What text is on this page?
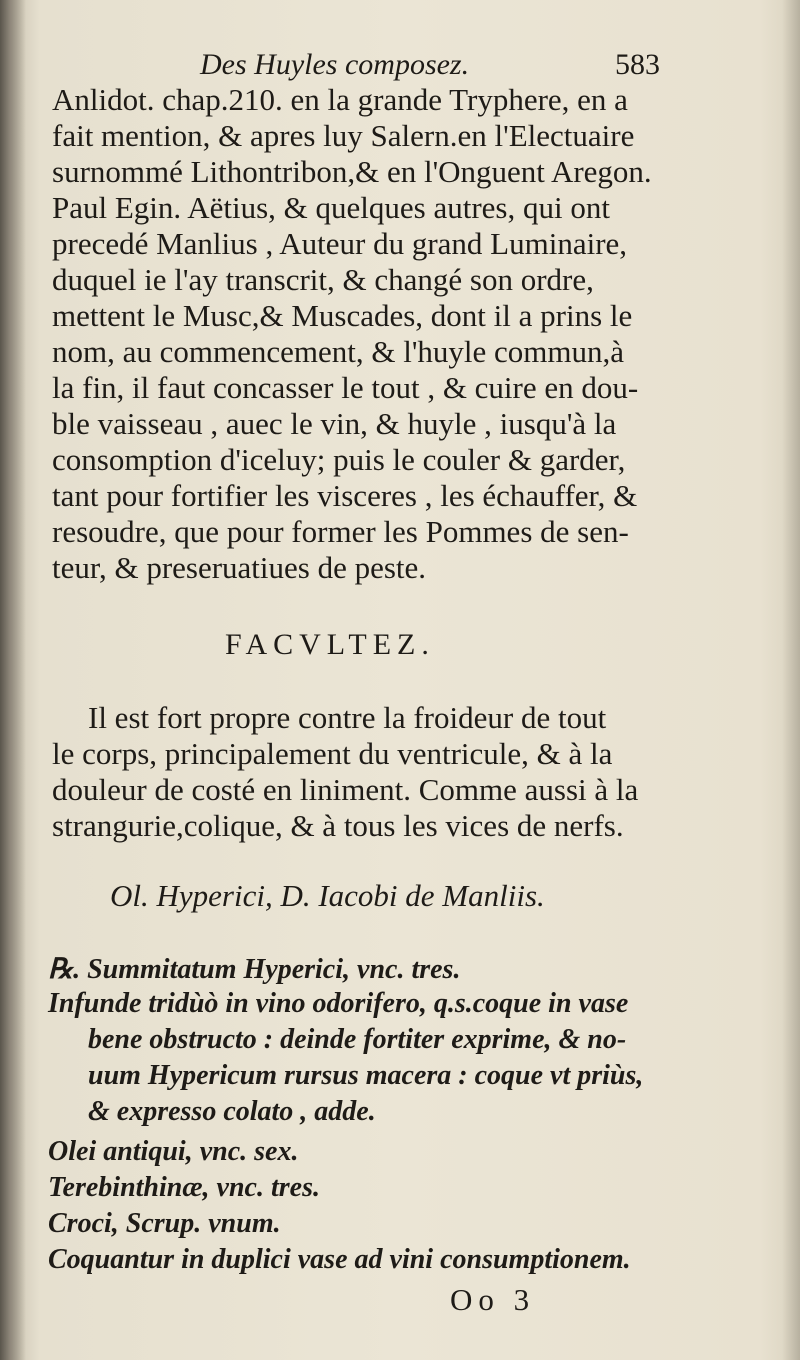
Des Huyles composez.	583
Anlidot. chap.210. en la grande Tryphere, en a
fait mention, & apres luy Salern.en l'Electuaire
surnommé Lithontribon,& en l'Onguent Aregon.
Paul Egin. Aëtius, & quelques autres, qui ont
precedé Manlius , Auteur du grand Luminaire,
duquel ie l'ay transcrit, & changé son ordre,
mettent le Musc,& Muscades, dont il a prins le
nom, au commencement, & l'huyle commun,à
la fin, il faut concasser le tout , & cuire en dou-
ble vaisseau , auec le vin, & huyle , iusqu'à la
consomption d'iceluy; puis le couler & garder,
tant pour fortifier les visceres , les échauffer, &
resoudre, que pour former les Pommes de sen-
teur, & preseruatiues de peste.
FACVLTEZ.
Il est fort propre contre la froideur de tout
le corps, principalement du ventricule, & à la
douleur de costé en liniment. Comme aussi à la
strangurie,colique, & à tous les vices de nerfs.
Ol. Hyperici, D. Iacobi de Manliis.
℞. Summitatum Hyperici, vnc. tres.
Infunde tridùò in vino odorifero, q.s.coque in vase
bene obstructo : deinde fortiter exprime, & no-
uum Hypericum rursus macera : coque vt priùs,
& expresso colato , adde.
Olei antiqui, vnc. sex.
Terebinthinæ, vnc. tres.
Croci, Scrup. vnum.
Coquantur in duplici vase ad vini consumptionem.
Oo 3
